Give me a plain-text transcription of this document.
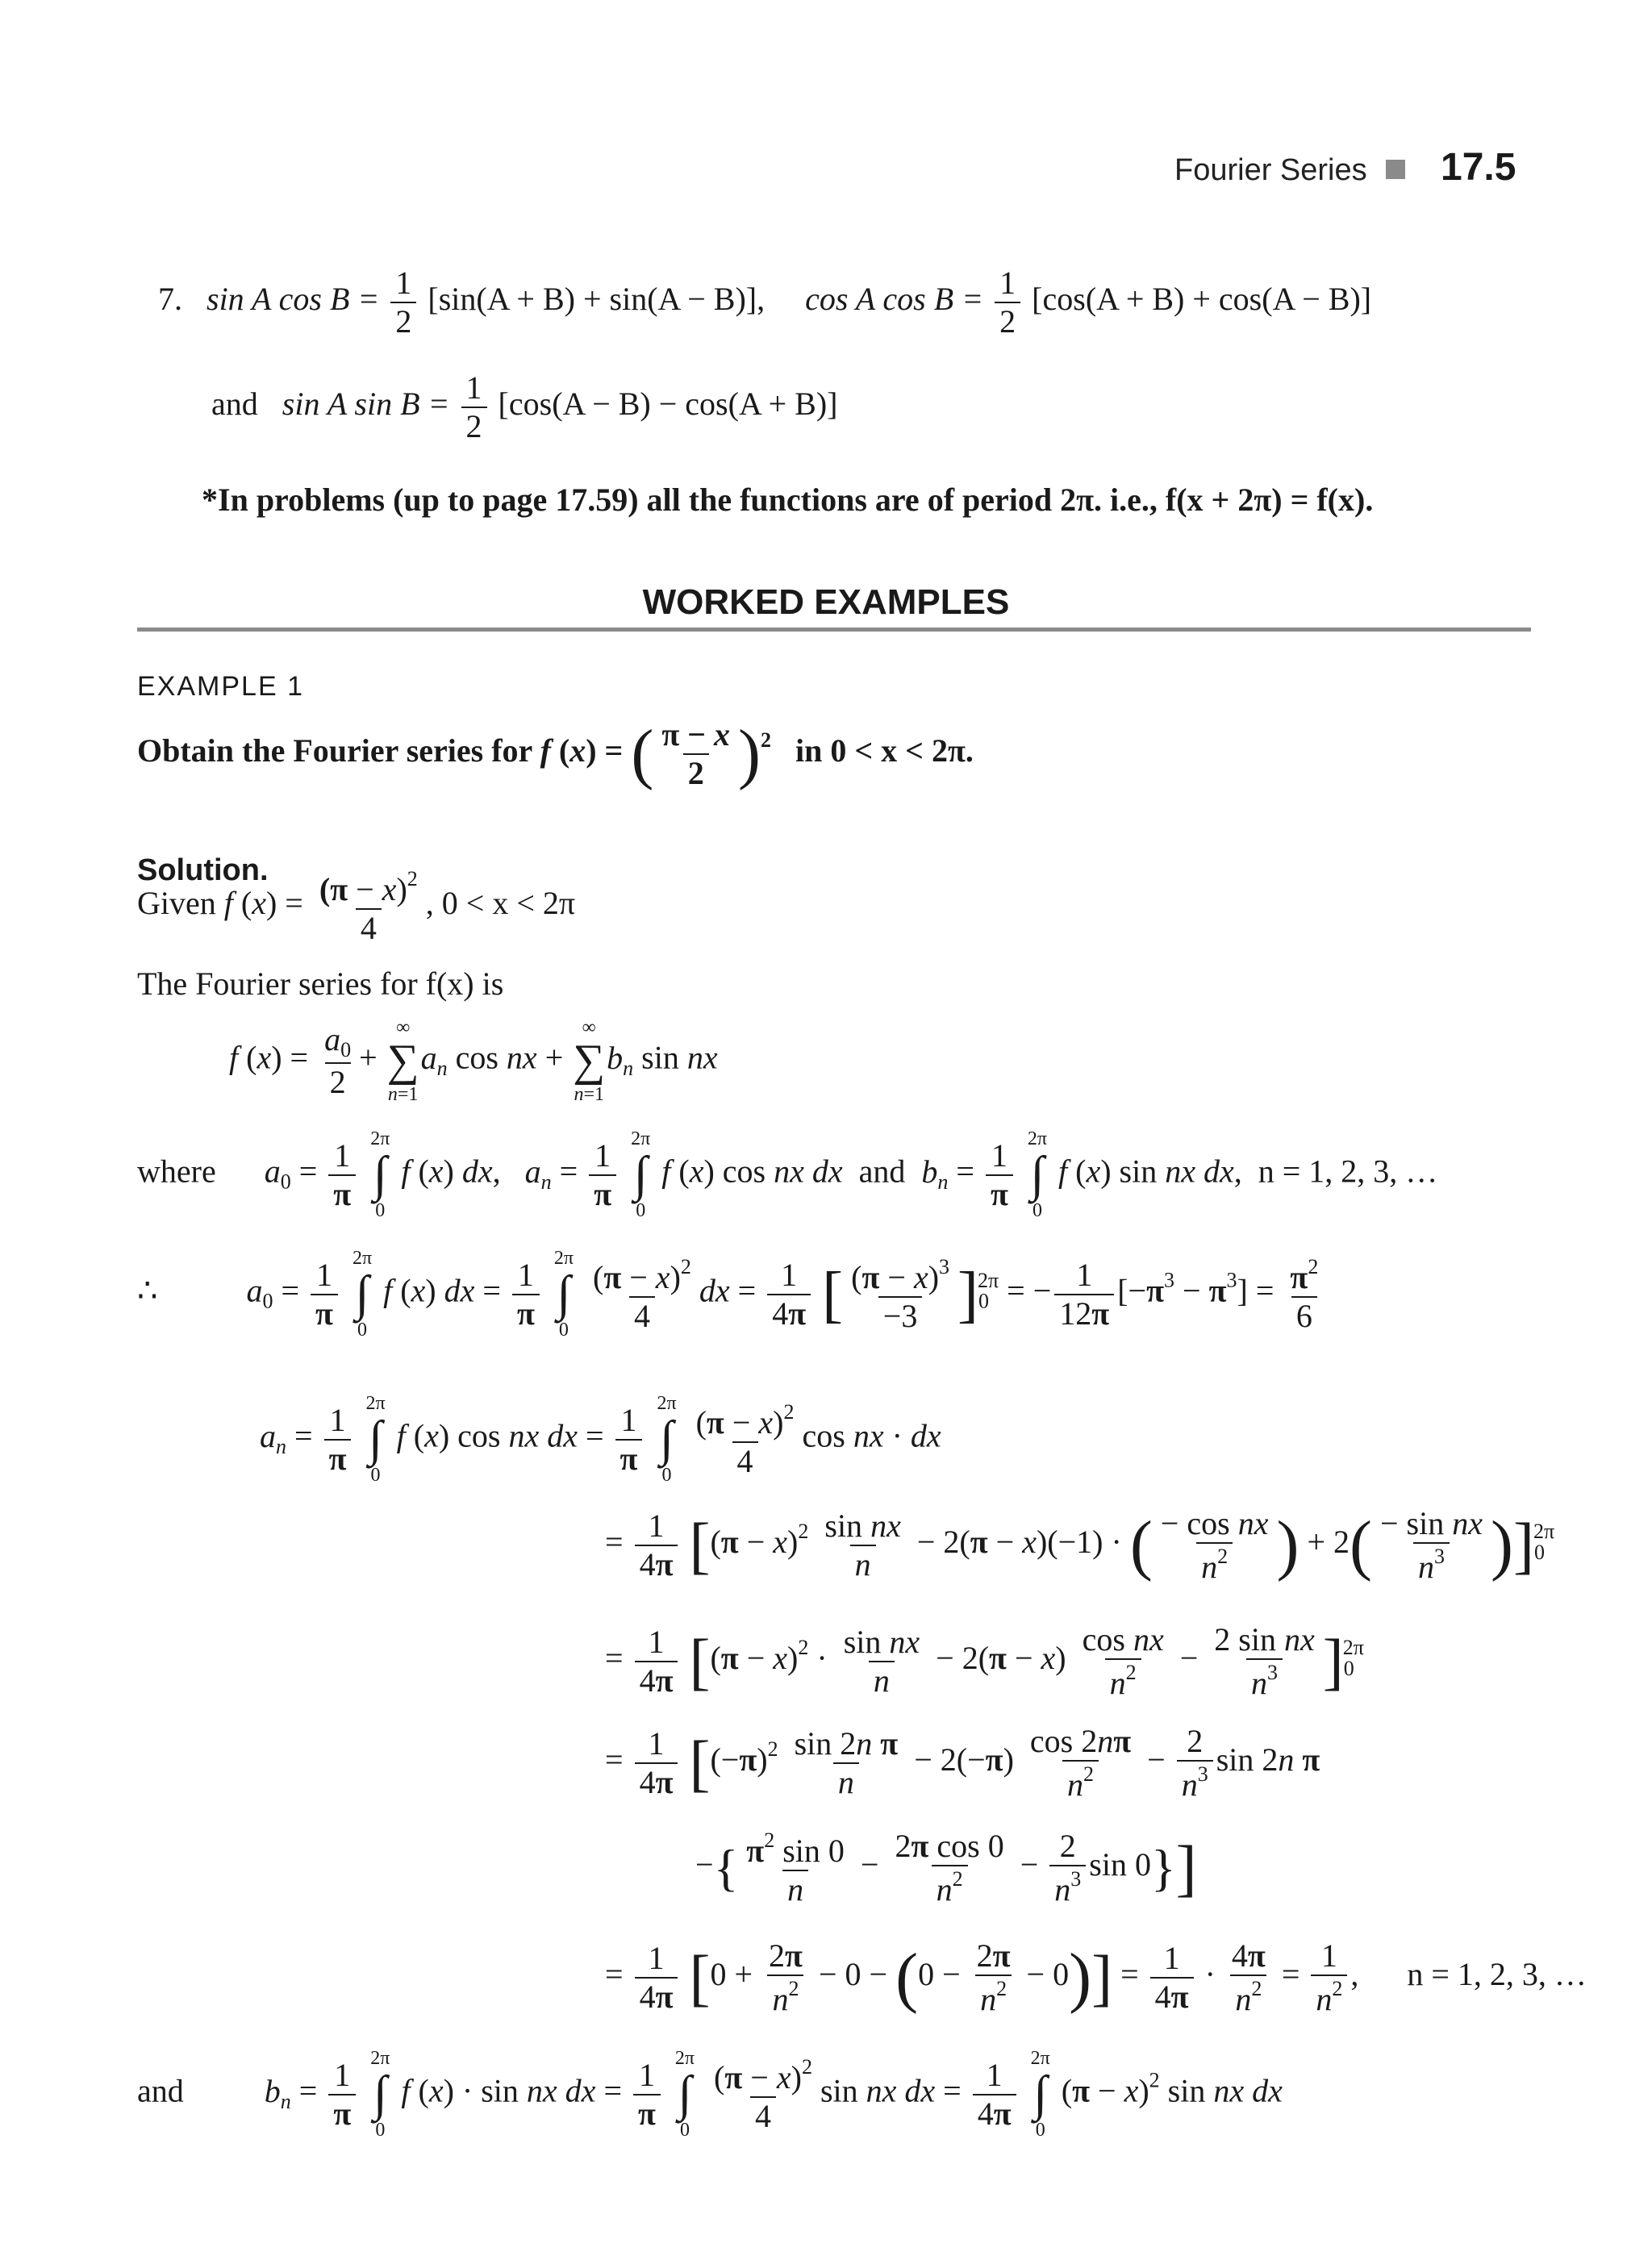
Fourier Series 17.5
7. sin A $\cos B = \frac{1}{2} [\sin(A + B) + \sin(A - B)]$, cos A $\cos B = \frac{1}{2} [\cos(A + B) + \cos(A - B)]$
and sin A $\sin B = \frac{1}{2} [\cos(A - B) - \cos(A + B)]$
*In problems (up to page 17.59) all the functions are of period 2π. i.e., f(x + 2π) = f(x).
WORKED EXAMPLES
EXAMPLE 1
Obtain the Fourier series for f (x) = ( $\frac{\pi - x}{2} )^2$ in 0 < x < 2π.
Solution.
Given f $(x) = \frac{(\pi - x)^2}{4}$ , 0 < x < 2π
The Fourier series for f(x) is
f $(x) = \frac{a_0}{2}$ +
∞
∑
n=1
$a_n$ cos nx +
∞
∑
n=1
$b_n$ sin nx
where $a_0 = \frac{1}{\pi}$
2π
∫
0
f (x) dx,   $a_n = \frac{1}{\pi}$
2π
∫
0
f (x) cos nx dx  and  $b_n = \frac{1}{\pi}$
2π
∫
0
f (x) sin nx dx,  n = 1, 2, 3, …
∴	$a_0 = \frac{1}{\pi}$
2π
∫
0
f (x) dx = $\frac{1}{\pi}$
2π
∫
0
$\frac{(\pi - x)^2}{4}$ dx = $\frac{1}{4\pi}$ [ $\frac{(\pi - x)^3}{-3} ]_0^{2\pi}$ = − $\frac{1}{12\pi} [-\pi^3 - \pi^3] = \frac{\pi^2}{6}$
$a_n = \frac{1}{\pi}$
2π
∫
0
f (x) cos nx dx = $\frac{1}{\pi}$
2π
∫
0
$\frac{(\pi - x)^2}{4}$ cos nx · dx
= $\frac{1}{4\pi} [(\pi - x)^2 \frac{\text{sin nx}}{n} - 2(\pi - x)(-1)$ · ( $\frac{\text{− cos nx}}{n^2}$ ) + $2( \frac{\text{− sin nx}}{n^3} )]_0^{2\pi}$
= $\frac{1}{4\pi} [(\pi - x)^2 \cdot \frac{\text{sin nx}}{n} - 2(\pi - x) \frac{\text{cos nx}}{n^2} - \frac{\text{2 sin nx}}{n^3} ]_0^{2\pi}$
= $\frac{1}{4\pi} [(-\pi)^2 \frac{\text{sin 2n π}}{n} - 2(-\pi) \frac{\cos 2n\pi}{n^2} - \frac{2}{n^3}$ sin 2n π
−{ $\frac{\pi^2 \sin 0}{n} - \frac{\text{2π cos 0}}{n^2} - \frac{2}{n^3}$ sin 0}]
= $\frac{1}{4\pi} [0 + \frac{2\pi}{n^2} - 0 - (0 - \frac{2\pi}{n^2} - 0)] = \frac{1}{4\pi} \cdot \frac{4\pi}{n^2} = \frac{1}{n^2}$ ,      n = 1, 2, 3, …
and	$b_n = \frac{1}{\pi}$
2π
∫
0
f (x) · sin nx dx = $\frac{1}{\pi}$
2π
∫
0
$\frac{(\pi - x)^2}{4}$ sin nx dx = $\frac{1}{4\pi}$
2π
∫
0
$(\pi - x)^2$ sin nx dx
